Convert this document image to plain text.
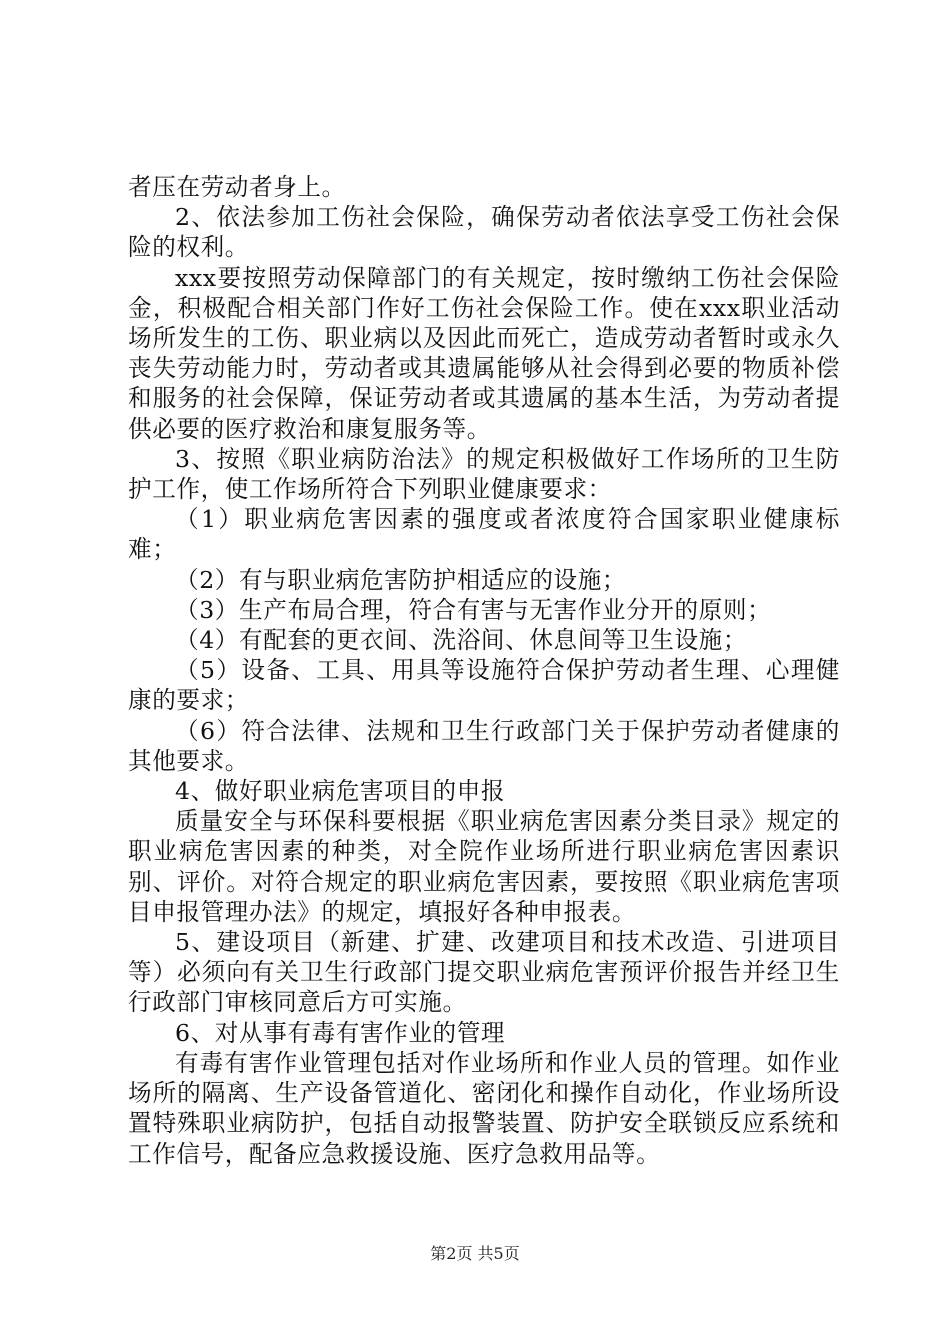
者压在劳动者身上。

2、依法参加工伤社会保险，确保劳动者依法享受工伤社会保险的权利。

xxx要按照劳动保障部门的有关规定，按时缴纳工伤社会保险金，积极配合相关部门作好工伤社会保险工作。使在xxx职业活动场所发生的工伤、职业病以及因此而死亡，造成劳动者暂时或永久丧失劳动能力时，劳动者或其遗属能够从社会得到必要的物质补偿和服务的社会保障，保证劳动者或其遗属的基本生活，为劳动者提供必要的医疗救治和康复服务等。

3、按照《职业病防治法》的规定积极做好工作场所的卫生防护工作，使工作场所符合下列职业健康要求：

（1）职业病危害因素的强度或者浓度符合国家职业健康标难；

（2）有与职业病危害防护相适应的设施；

（3）生产布局合理，符合有害与无害作业分开的原则；

（4）有配套的更衣间、洗浴间、休息间等卫生设施；

（5）设备、工具、用具等设施符合保护劳动者生理、心理健康的要求；

（6）符合法律、法规和卫生行政部门关于保护劳动者健康的其他要求。

4、做好职业病危害项目的申报

质量安全与环保科要根据《职业病危害因素分类目录》规定的职业病危害因素的种类，对全院作业场所进行职业病危害因素识别、评价。对符合规定的职业病危害因素，要按照《职业病危害项目申报管理办法》的规定，填报好各种申报表。

5、建设项目（新建、扩建、改建项目和技术改造、引进项目等）必须向有关卫生行政部门提交职业病危害预评价报告并经卫生行政部门审核同意后方可实施。

6、对从事有毒有害作业的管理

有毒有害作业管理包括对作业场所和作业人员的管理。如作业场所的隔离、生产设备管道化、密闭化和操作自动化，作业场所设置特殊职业病防护，包括自动报警装置、防护安全联锁反应系统和工作信号，配备应急救援设施、医疗急救用品等。

第2页 共5页
